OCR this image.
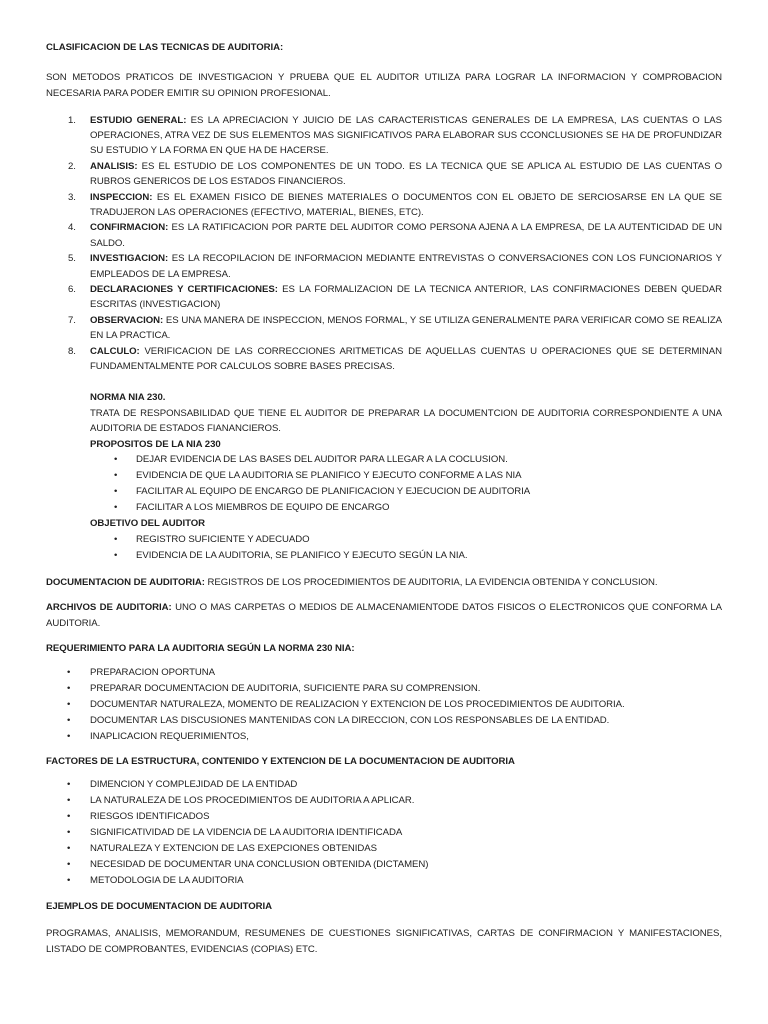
CLASIFICACION DE LAS TECNICAS DE AUDITORIA:

SON METODOS PRATICOS DE INVESTIGACION Y PRUEBA QUE EL AUDITOR UTILIZA PARA LOGRAR LA INFORMACION Y COMPROBACION NECESARIA PARA PODER EMITIR SU OPINION PROFESIONAL.

1. ESTUDIO GENERAL: ES LA APRECIACION Y JUICIO DE LAS CARACTERISTICAS GENERALES DE LA EMPRESA, LAS CUENTAS O LAS OPERACIONES, ATRA VEZ DE SUS ELEMENTOS MAS SIGNIFICATIVOS PARA ELABORAR SUS CCONCLUSIONES SE HA DE PROFUNDIZAR SU ESTUDIO Y LA FORMA EN QUE HA DE HACERSE.
2. ANALISIS: ES EL ESTUDIO DE LOS COMPONENTES DE UN TODO. ES LA TECNICA QUE SE APLICA AL ESTUDIO DE LAS CUENTAS O RUBROS GENERICOS DE LOS ESTADOS FINANCIEROS.
3. INSPECCION: ES EL EXAMEN FISICO DE BIENES MATERIALES O DOCUMENTOS CON EL OBJETO DE SERCIOSARSE EN LA QUE SE TRADUJERON LAS OPERACIONES (EFECTIVO, MATERIAL, BIENES, ETC).
4. CONFIRMACION: ES LA RATIFICACION POR PARTE DEL AUDITOR COMO PERSONA AJENA A LA EMPRESA, DE LA AUTENTICIDAD DE UN SALDO.
5. INVESTIGACION: ES LA RECOPILACION DE INFORMACION MEDIANTE ENTREVISTAS O CONVERSACIONES CON LOS FUNCIONARIOS Y EMPLEADOS DE LA EMPRESA.
6. DECLARACIONES Y CERTIFICACIONES: ES LA FORMALIZACION DE LA TECNICA ANTERIOR, LAS CONFIRMACIONES DEBEN QUEDAR ESCRITAS (INVESTIGACION)
7. OBSERVACION: ES UNA MANERA DE INSPECCION, MENOS FORMAL, Y SE UTILIZA GENERALMENTE PARA VERIFICAR COMO SE REALIZA EN LA PRACTICA.
8. CALCULO: VERIFICACION DE LAS CORRECCIONES ARITMETICAS DE AQUELLAS CUENTAS U OPERACIONES QUE SE DETERMINAN FUNDAMENTALMENTE POR CALCULOS SOBRE BASES PRECISAS.

NORMA NIA 230.

TRATA DE RESPONSABILIDAD QUE TIENE EL AUDITOR DE PREPARAR LA DOCUMENTCION DE AUDITORIA CORRESPONDIENTE A UNA AUDITORIA DE ESTADOS FIANANCIEROS.

PROPOSITOS DE LA NIA 230

• DEJAR EVIDENCIA DE LAS BASES DEL AUDITOR PARA LLEGAR A LA COCLUSION.
• EVIDENCIA DE QUE LA AUDITORIA SE PLANIFICO Y EJECUTO CONFORME A LAS NIA
• FACILITAR AL EQUIPO DE ENCARGO DE PLANIFICACION Y EJECUCION DE AUDITORIA
• FACILITAR A LOS MIEMBROS DE EQUIPO DE ENCARGO

OBJETIVO DEL AUDITOR

• REGISTRO SUFICIENTE Y ADECUADO
• EVIDENCIA DE LA AUDITORIA, SE PLANIFICO Y EJECUTO SEGÚN LA NIA.

DOCUMENTACION DE AUDITORIA: REGISTROS DE LOS PROCEDIMIENTOS DE AUDITORIA, LA EVIDENCIA OBTENIDA Y CONCLUSION.

ARCHIVOS DE AUDITORIA: UNO O MAS CARPETAS O MEDIOS DE ALMACENAMIENTODE DATOS FISICOS O ELECTRONICOS QUE CONFORMA LA AUDITORIA.

REQUERIMIENTO PARA LA AUDITORIA SEGÚN LA NORMA 230 NIA:

• PREPARACION OPORTUNA
• PREPARAR DOCUMENTACION DE AUDITORIA, SUFICIENTE PARA SU COMPRENSION.
• DOCUMENTAR NATURALEZA, MOMENTO DE REALIZACION Y EXTENCION DE LOS PROCEDIMIENTOS DE AUDITORIA.
• DOCUMENTAR LAS DISCUSIONES MANTENIDAS CON LA DIRECCION, CON LOS RESPONSABLES DE LA ENTIDAD.
• INAPLICACION REQUERIMIENTOS,

FACTORES DE LA ESTRUCTURA, CONTENIDO Y EXTENCION DE LA DOCUMENTACION DE AUDITORIA

• DIMENCION Y COMPLEJIDAD DE LA ENTIDAD
• LA NATURALEZA DE LOS PROCEDIMIENTOS DE AUDITORIA A APLICAR.
• RIESGOS IDENTIFICADOS
• SIGNIFICATIVIDAD DE LA VIDENCIA DE LA AUDITORIA IDENTIFICADA
• NATURALEZA Y EXTENCION DE LAS EXEPCIONES OBTENIDAS
• NECESIDAD DE DOCUMENTAR UNA CONCLUSION OBTENIDA (DICTAMEN)
• METODOLOGIA DE LA AUDITORIA

EJEMPLOS DE DOCUMENTACION DE AUDITORIA

PROGRAMAS, ANALISIS, MEMORANDUM, RESUMENES DE CUESTIONES SIGNIFICATIVAS, CARTAS DE CONFIRMACION Y MANIFESTACIONES, LISTADO DE COMPROBANTES, EVIDENCIAS (COPIAS) ETC.
